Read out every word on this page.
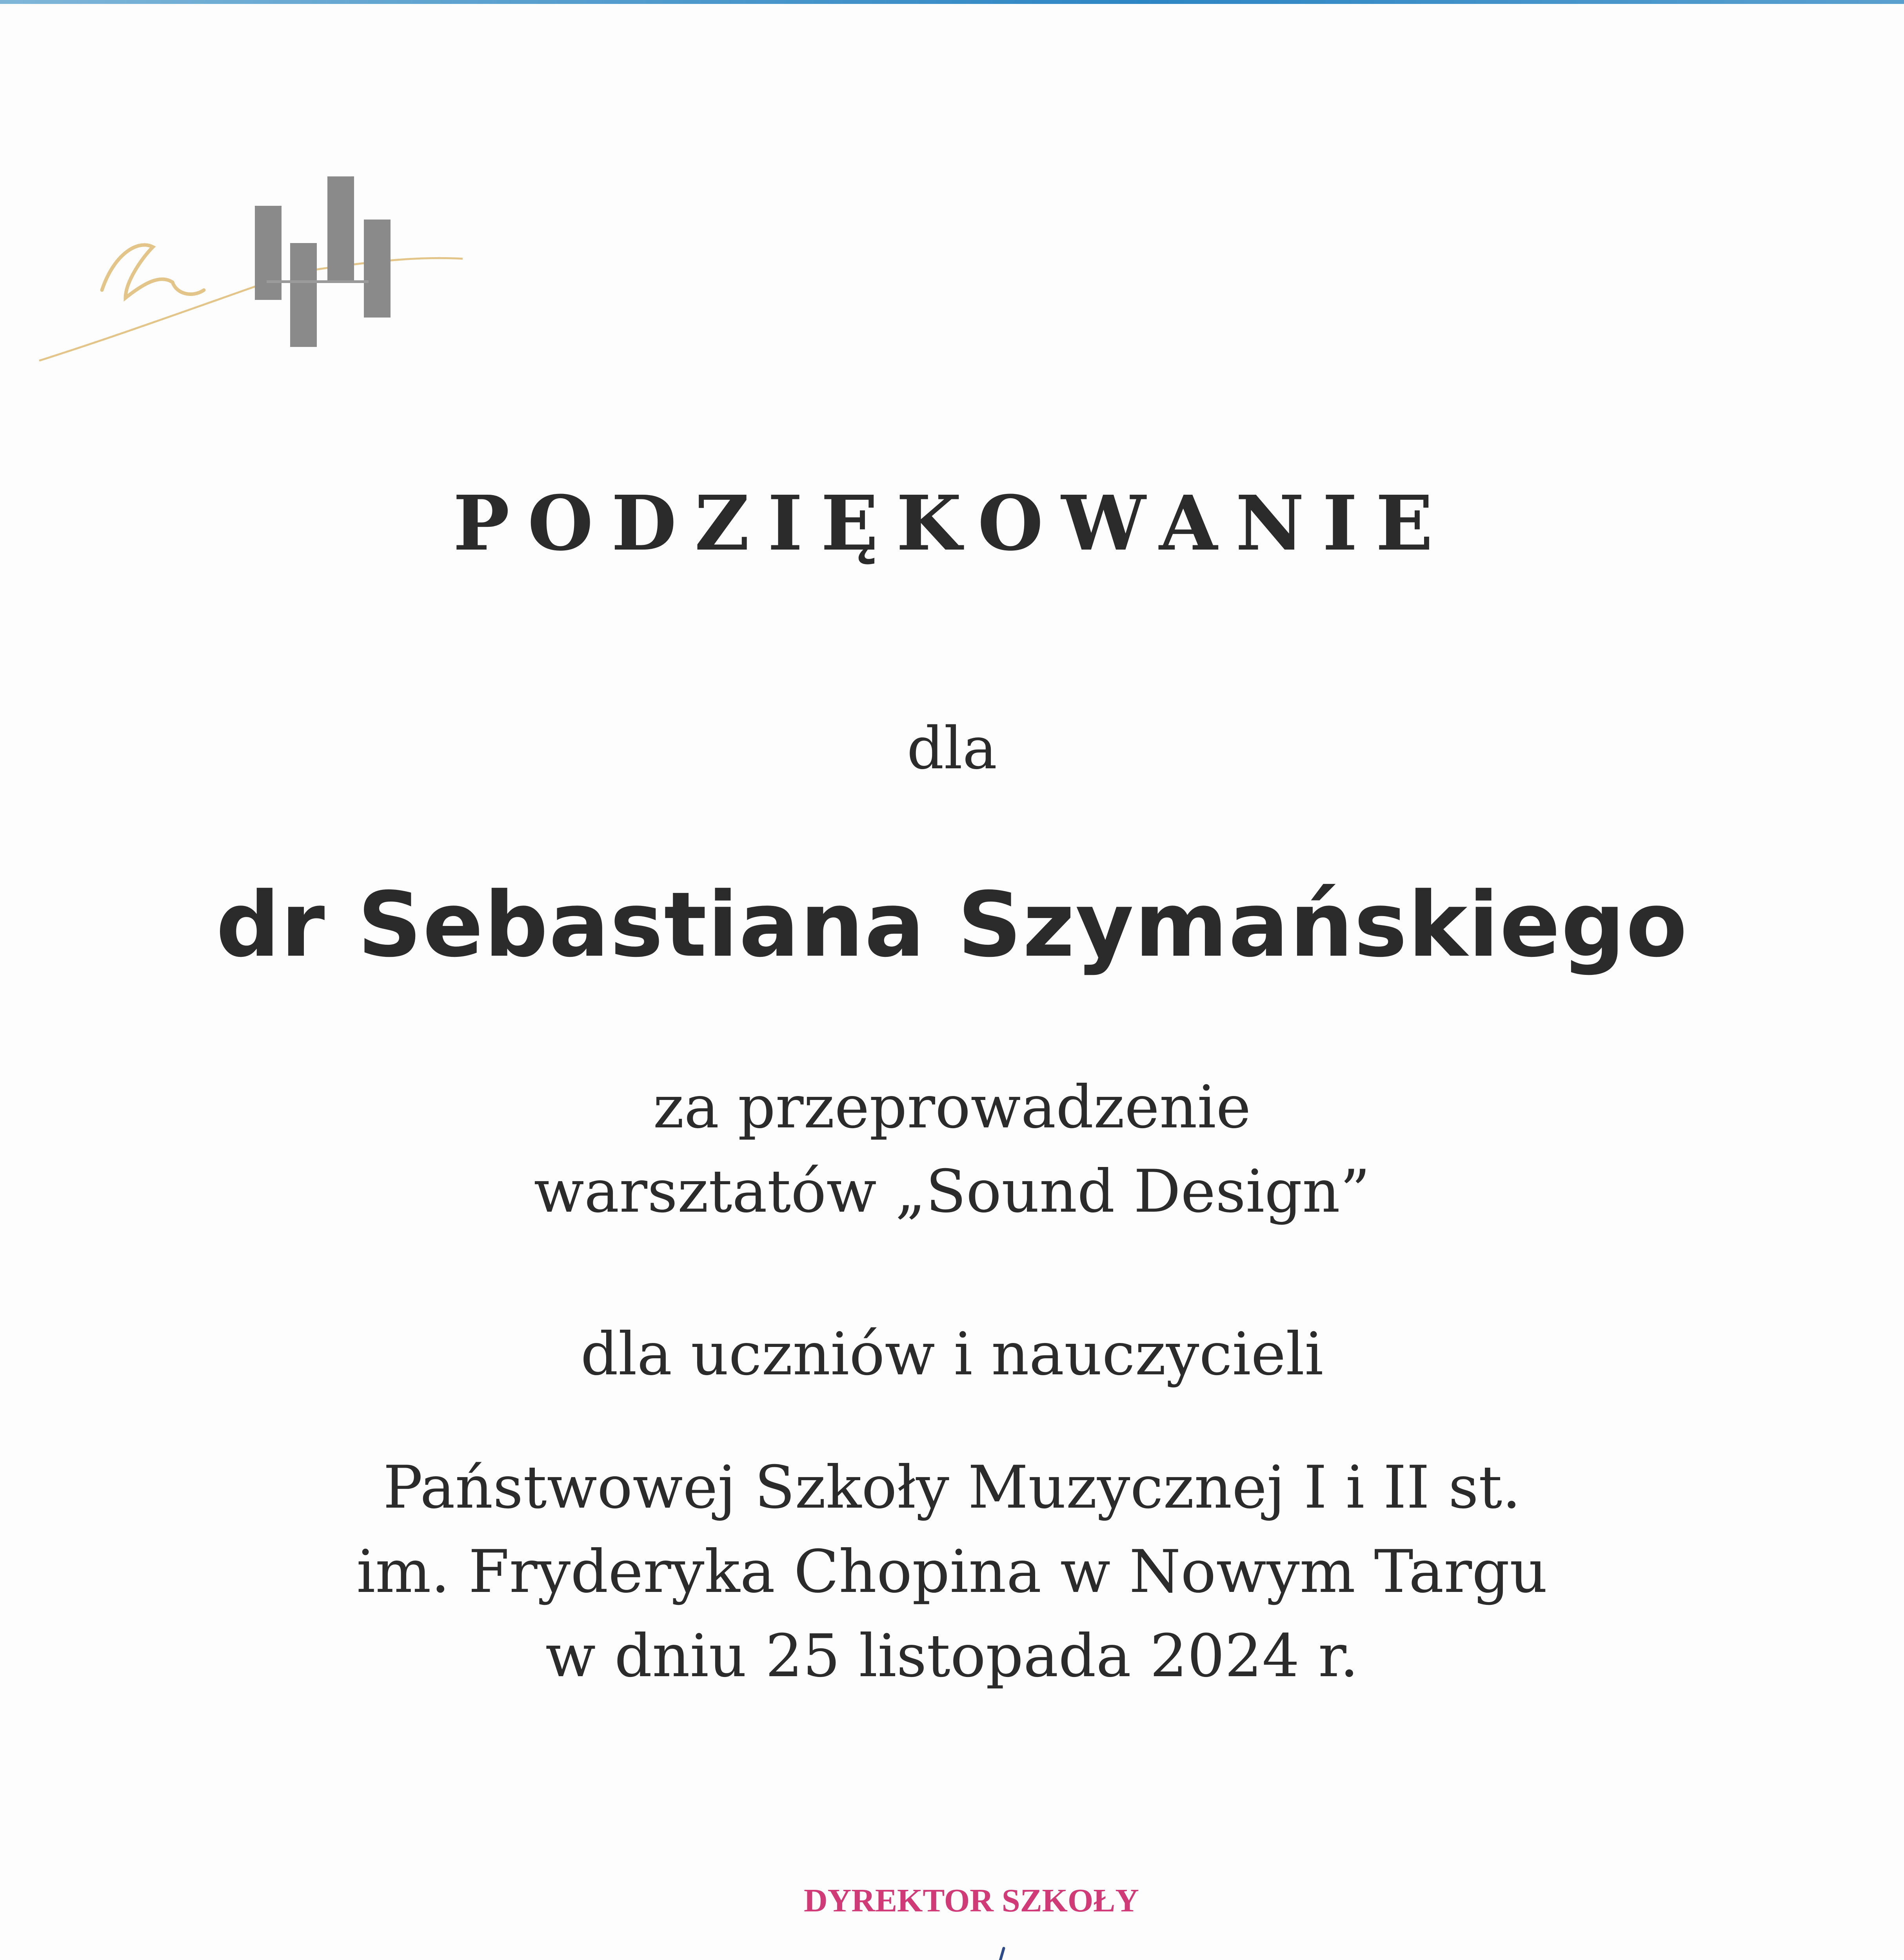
PODZIĘKOWANIE
dla
dr Sebastiana Szymańskiego
za przeprowadzenie
warsztatów „Sound Design”
dla uczniów i nauczycieli
Państwowej Szkoły Muzycznej I i II st.
im. Fryderyka Chopina w Nowym Targu
w dniu 25 listopada 2024 r.
DYREKTOR SZKOŁY
